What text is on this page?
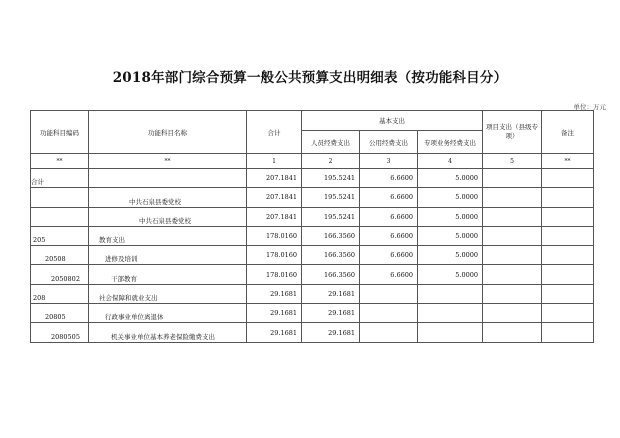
2018年部门综合预算一般公共预算支出明细表（按功能科目分）
单位：万元
功能科目编码	功能科目名称	合计	基本支出			项目支出（县级专项）	备注
			人员经费支出	公用经费支出	专项业务经费支出		
**	**	1	2	3	4	5	**
合计		207.1841	195.5241	6.6600	5.0000		
	中共石泉县委党校	207.1841	195.5241	6.6600	5.0000		
	中共石泉县委党校	207.1841	195.5241	6.6600	5.0000		
205	教育支出	178.0160	166.3560	6.6600	5.0000		
20508	进修及培训	178.0160	166.3560	6.6600	5.0000		
2050802	干部教育	178.0160	166.3560	6.6600	5.0000		
208	社会保障和就业支出	29.1681	29.1681				
20805	行政事业单位离退休	29.1681	29.1681				
2080505	机关事业单位基本养老保险缴费支出	29.1681	29.1681				
